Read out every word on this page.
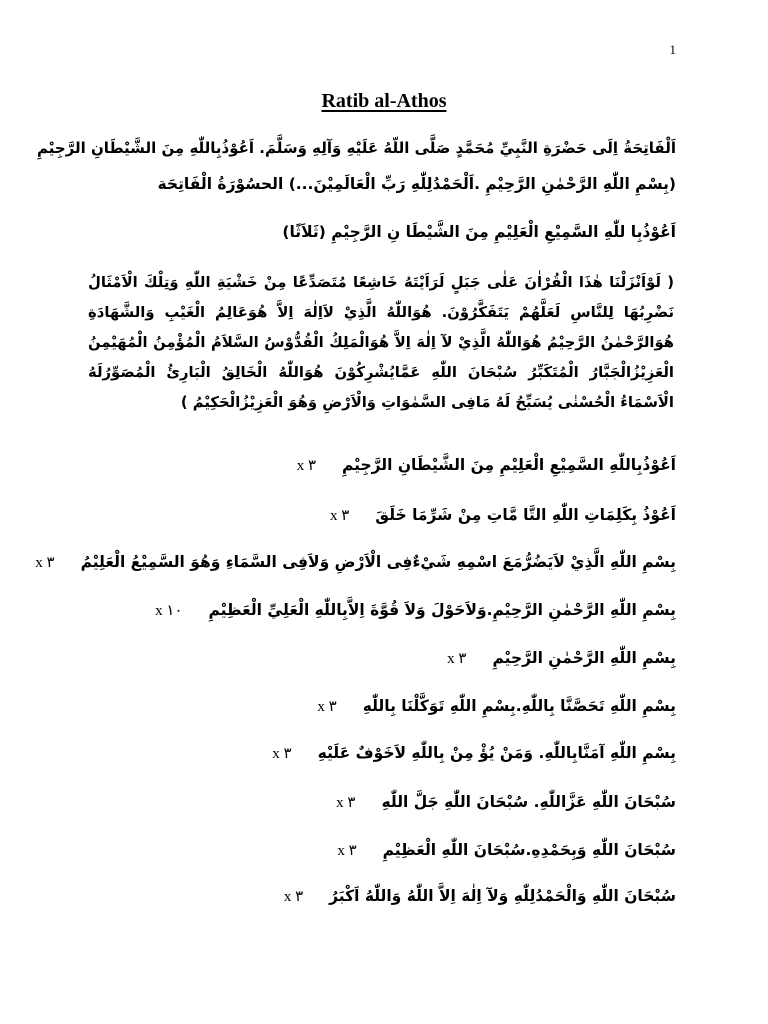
1
Ratib al-Athos
اَلْفَاتِحَةُ اِلَى حَضْرَةِ النَّبِيِّ مُحَمَّدٍ صَلَّى اللّهُ عَلَيْهِ وَآلِهِ وَسَلَّمَ. اَعُوْذُبِاللّٰهِ مِنَ الشَّيْطَانِ الرَّجِيْمِ
(بِسْمِ اللّٰهِ الرَّحْمٰنِ الرَّحِيْمِ .اَلْحَمْدُلِلّٰهِ رَبِّ الْعَالَمِيْنَ...) الحسُوْرَةُ الْفَاتِحَة
اَعُوْذُبِا للّٰهِ السَّمِيْعِ الْعَلِيْمِ مِنَ الشَّيْطَا نِ الرَّجِيْمِ (ثَلاَثًا)
( لَوْاَنْزَلْنَا هٰذَا الْقُرْاٰنَ عَلٰى جَبَلٍ لَرَاَيْتَهُ خَاشِعًا مُتَصَدِّعًا مِنْ خَشْيَةِ اللّٰهِ وَتِلْكَ الْاَمْثَالُ نَضْرِبُهَا لِلنَّاسِ لَعَلَّهُمْ يَتَفَكَّرُوْنَ. هُوَاللّٰهُ الَّذِيْ لاَاِلٰهَ اِلاَّ هُوَعَالِمُ الْغَيْبِ وَالشَّهَادَةِ هُوَالرَّحْمٰنُ الرَّحِيْمُ هُوَاللّٰهُ الَّذِيْ لآ اِلٰهَ اِلاَّ هُوَالْمَلِكُ الْقُدُّوْسُ السَّلاَمُ الْمُؤْمِنُ الْمُهَيْمِنُ الْعَزِيْزُالْجَبَّارُ الْمُتَكَبِّرُ سُبْحَانَ اللّٰهِ عَمَّايُشْرِكُوْنَ هُوَاللّٰهُ الْخَالِقُ الْبَارِئُ الْمُصَوِّرُلَهُ الْاَسْمَاءُ الْحُسْنٰى يُسَبِّحُ لَهُ مَافِى السَّمٰوَاتِ وَالْاَرْضِ وَهُوَ الْعَزِيْزُالْحَكِيْمُ )
اَعُوْذُبِاللّٰهِ السَّمِيْعِ الْعَلِيْمِ مِنَ الشَّيْطَانِ الرَّجِيْمِx ٣
اَعُوْذُ بِكَلِمَاتِ اللّٰهِ التَّا مَّاتِ مِنْ شَرِّمَا خَلَقَx ٣
بِسْمِ اللّٰهِ الَّذِيْ لاَيَضُرُّمَعَ اسْمِهِ شَيْءٌفِى الْاَرْضِ وَلاَفِى السَّمَاءِ وَهُوَ السَّمِيْعُ الْعَلِيْمُx ٣
بِسْمِ اللّٰهِ الرَّحْمٰنِ الرَّحِيْمِ.وَلاَحَوْلَ وَلاَ قُوَّةَ اِلاَّبِاللّٰهِ الْعَلِيِّ الْعَظِيْمِx ١٠
بِسْمِ اللّٰهِ الرَّحْمٰنِ الرَّحِيْمِx ٣
بِسْمِ اللّٰهِ تَحَصَّنَّا بِاللّٰهِ.بِسْمِ اللّٰهِ تَوَكَّلْنَا بِاللّٰهِx ٣
بِسْمِ اللّٰهِ آمَنَّابِاللّٰهِ. وَمَنْ يُؤْ مِنْ بِاللّٰهِ لاَخَوْفٌ عَلَيْهِx ٣
سُبْحَانَ اللّٰهِ عَزَّاللّٰهِ. سُبْحَانَ اللّٰهِ جَلَّ اللّٰهِx ٣
سُبْحَانَ اللّٰهِ وَبِحَمْدِهِ.سُبْحَانَ اللّٰهِ الْعَظِيْمِx ٣
سُبْحَانَ اللّٰهِ وَالْحَمْدُلِلّٰهِ وَلآ اِلٰهَ اِلاَّ اللّٰهُ وَاللّٰهُ اَكْبَرُx ٣
